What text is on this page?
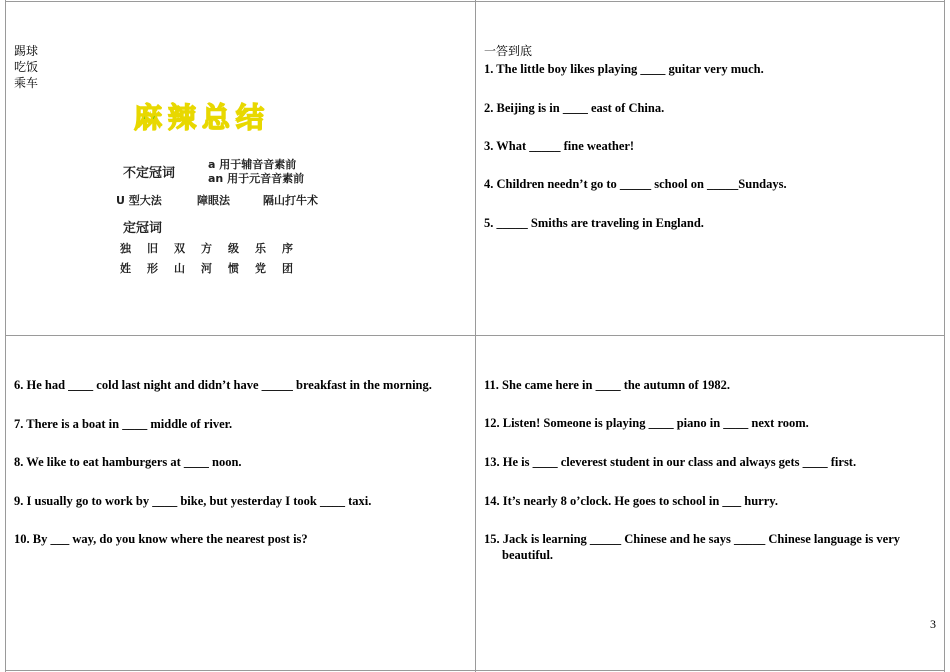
踢球
吃饭
乘车
麻辣总结
不定冠词
a 用于辅音音素前
an 用于元音音素前
U 型大法	障眼法	隔山打牛术
定冠词
独 旧 双 方 级 乐 序
姓 形 山 河 惯 党 团
一答到底
1. The little boy likes playing ____ guitar very much.
2. Beijing is in ____ east of China.
3. What _____ fine weather!
4. Children needn’t go to _____ school on _____Sundays.
5. _____ Smiths are traveling in England.
6. He had ____ cold last night and didn’t have _____ breakfast in the morning.
7. There is a boat in ____ middle of river.
8. We like to eat hamburgers at ____ noon.
9. I usually go to work by ____ bike, but yesterday I took ____ taxi.
10. By ___ way, do you know where the nearest post is?
11. She came here in ____ the autumn of 1982.
12. Listen! Someone is playing ____ piano in ____ next room.
13. He is ____ cleverest student in our class and always gets ____ first.
14. It’s nearly 8 o’clock. He goes to school in ___ hurry.
15. Jack is learning _____ Chinese and he says _____ Chinese language is very beautiful.
3
